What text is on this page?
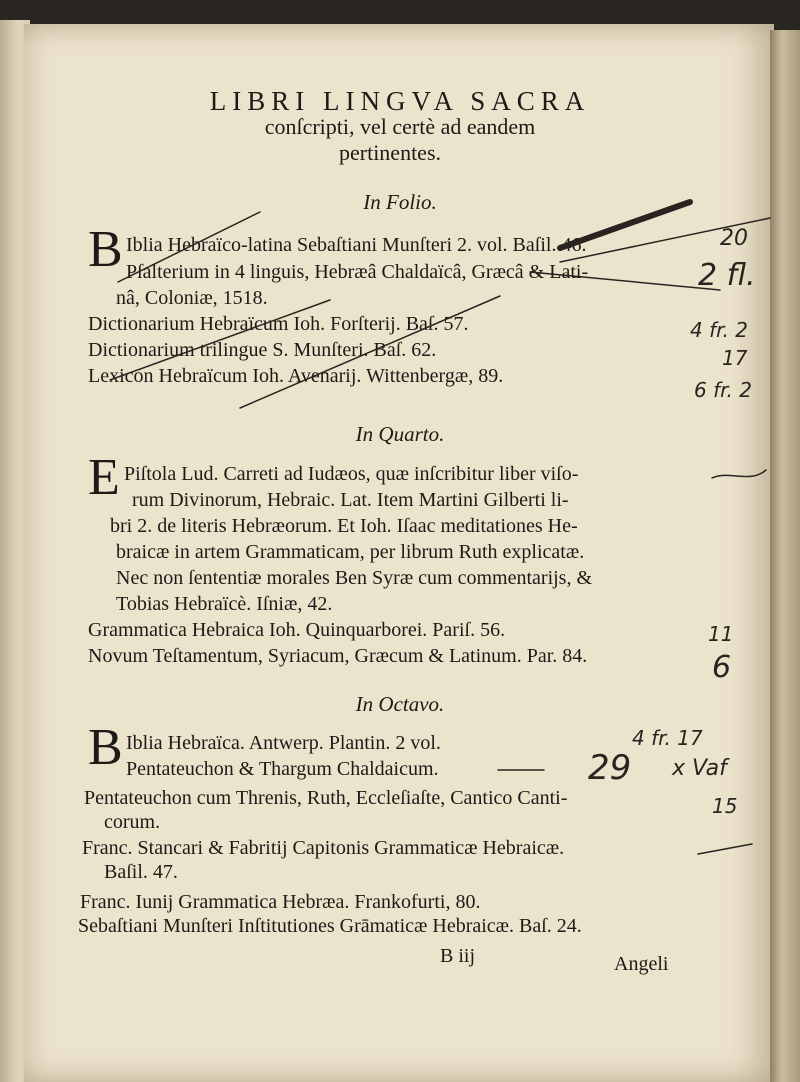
LIBRI LINGVA SACRA
conſcripti, vel certè ad eandem
pertinentes.
In Folio.
B Iblia Hebraïco-latina Sebaſtiani Munſteri 2. vol. Baſil. 46.
Pſalterium in 4 linguis, Hebræâ Chaldaïcâ, Græcâ & Lati-
nâ, Coloniæ, 1518.
Dictionarium Hebraïcum Ioh. Forſterij. Baſ. 57.
Dictionarium trilingue S. Munſteri. Baſ. 62.
Lexicon Hebraïcum Ioh. Avenarij. Wittenbergæ, 89.
In Quarto.
E Piſtola Lud. Carreti ad Iudæos, quæ inſcribitur liber viſo-
rum Divinorum, Hebraic. Lat. Item Martini Gilberti li-
bri 2. de literis Hebræorum. Et Ioh. Iſaac meditationes He-
braicæ in artem Grammaticam, per librum Ruth explicatæ.
Nec non ſententiæ morales Ben Syræ cum commentarijs, &
Tobias Hebraïcè. Iſniæ, 42.
Grammatica Hebraica Ioh. Quinquarborei. Pariſ. 56.
Novum Teſtamentum, Syriacum, Græcum & Latinum. Par. 84.
In Octavo.
B Iblia Hebraïca. Antwerp. Plantin. 2 vol.
Pentateuchon & Thargum Chaldaicum.
Pentateuchon cum Threnis, Ruth, Eccleſiaſte, Cantico Canti-
corum.
Franc. Stancari & Fabritij Capitonis Grammaticæ Hebraicæ.
Baſil. 47.
Franc. Iunij Grammatica Hebræa. Frankofurti, 80.
Sebaſtiani Munſteri Inſtitutiones Grāmaticæ Hebraicæ. Baſ. 24.
B iij	Angeli
20
2 fl.
4 fr. 2
17
6 fr. 2
11
6
4 fr. 17
29 x Vaf
15
